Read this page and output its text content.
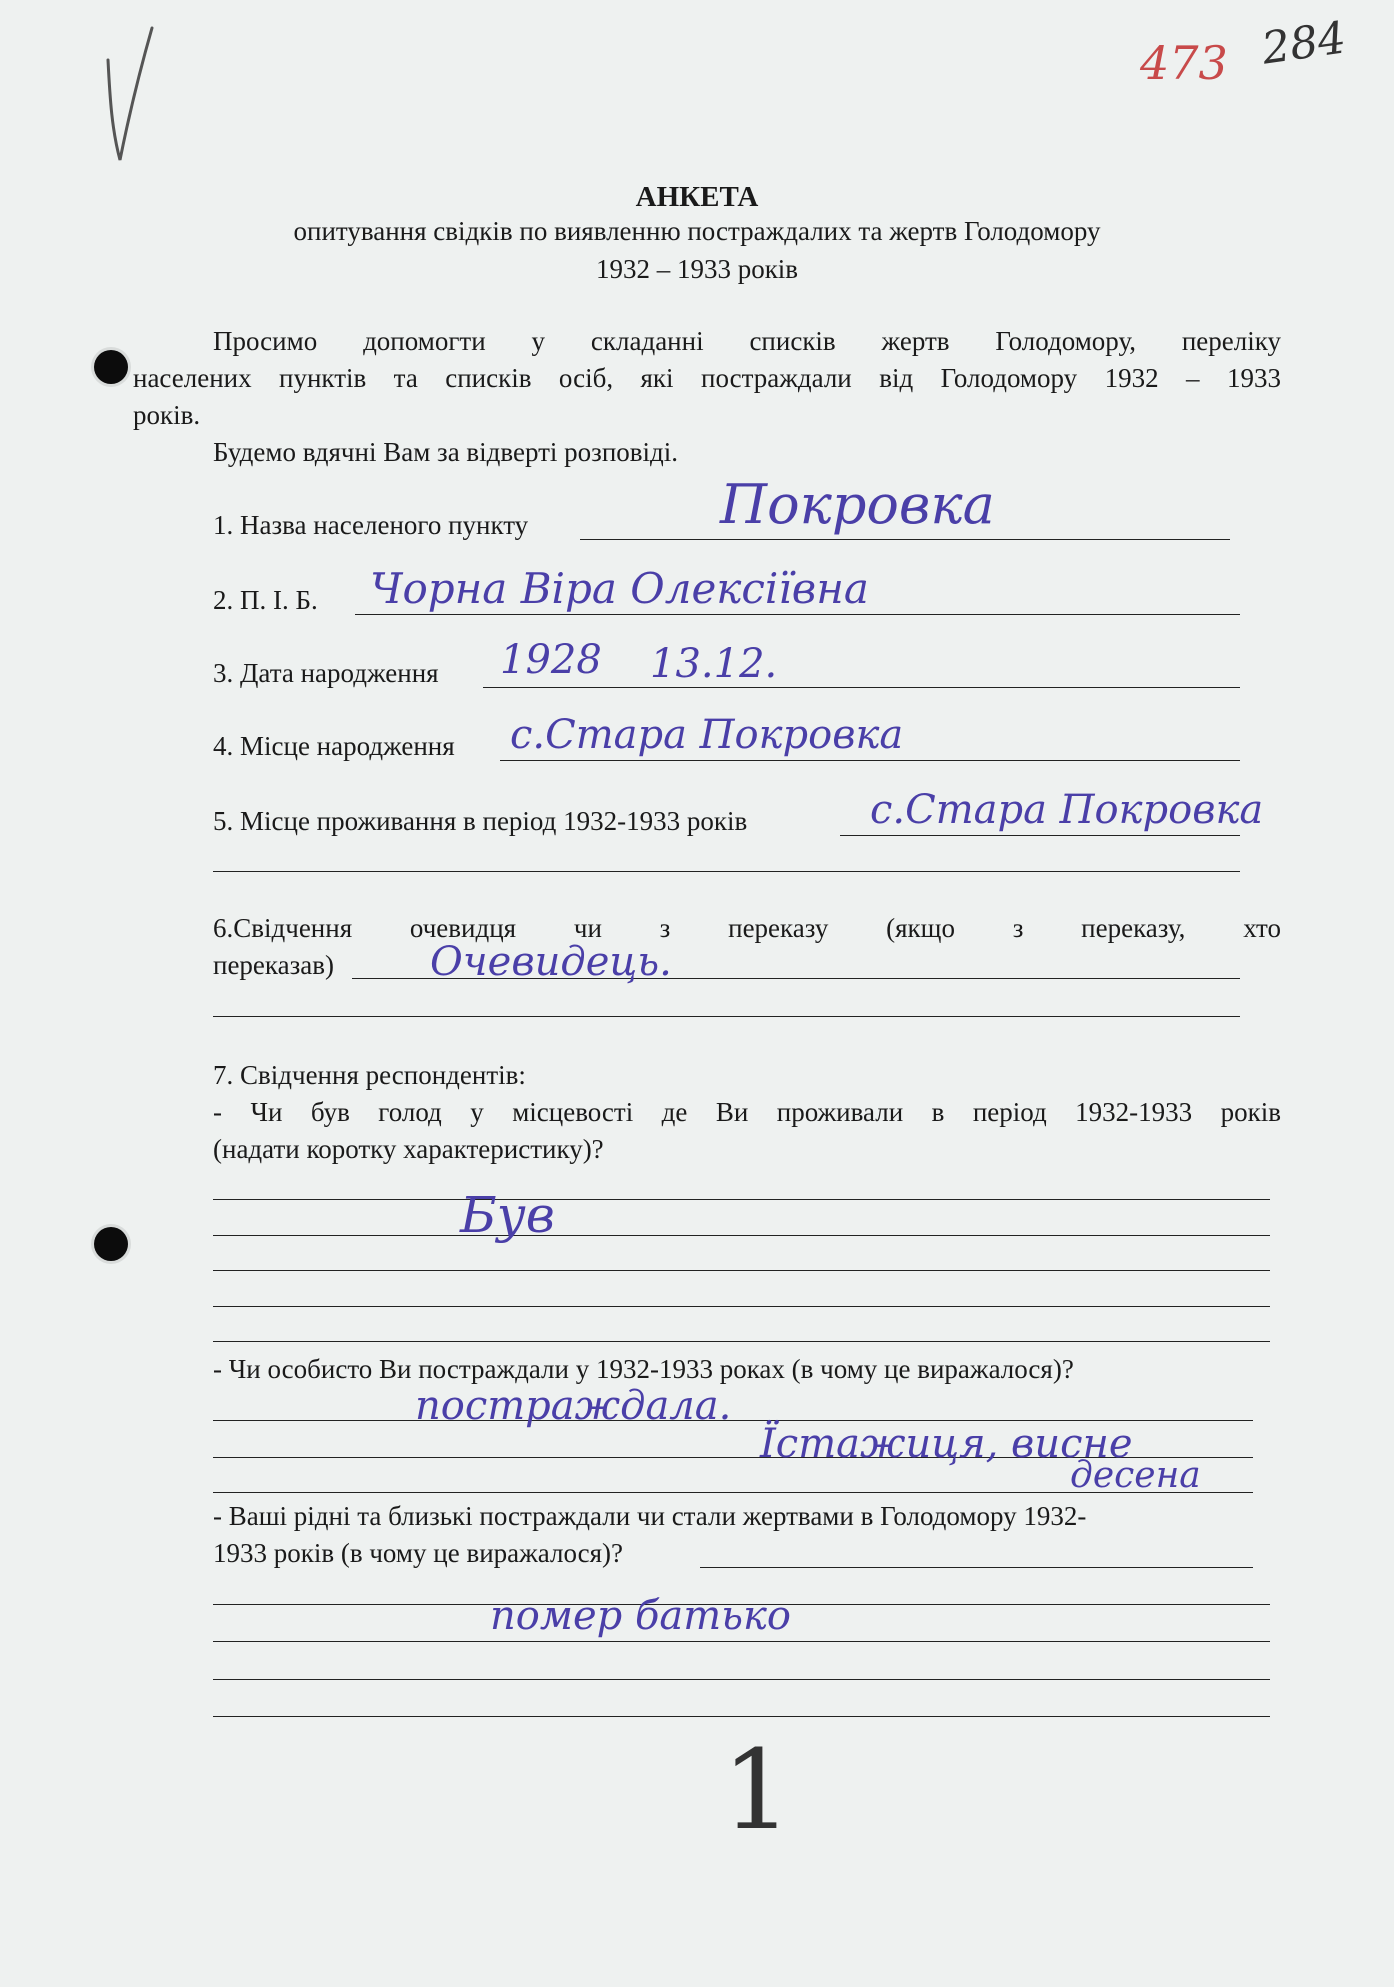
473 284
АНКЕТА
опитування свідків по виявленню постраждалих та жертв Голодомору
1932 – 1933 років
Просимо допомогти у складанні списків жертв Голодомору, переліку
населених пунктів та списків осіб, які постраждали від Голодомору 1932 – 1933
років.
Будемо вдячні Вам за відверті розповіді.
1. Назва населеного пункту	Покровка
2. П. І. Б. Чорна Віра Олексіївна
3. Дата народження 1928 13.12.
4. Місце народження с.Стара Покровка
5. Місце проживання в період 1932-1933 років	с.Стара Покровка
6.Свідчення очевидця чи з переказу (якщо з переказу, хто
переказав) Очевидець.
7. Свідчення респондентів:
- Чи був голод у місцевості де Ви проживали в період 1932-1933 років
(надати коротку характеристику)?
Був
- Чи особисто Ви постраждали у 1932-1933 роках (в чому це виражалося)?
постраждала.
Їстажиця, висне
десена
- Ваші рідні та близькі постраждали чи стали жертвами в Голодомору 1932-
1933 років (в чому це виражалося)?
помер батько
1
